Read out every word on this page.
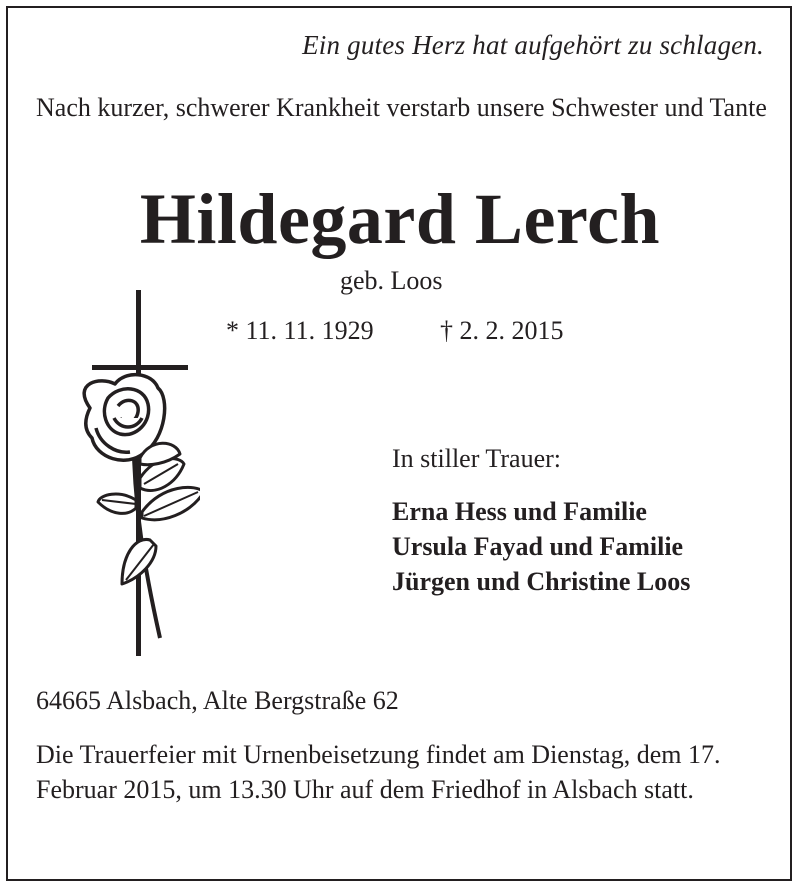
Ein gutes Herz hat aufgehört zu schlagen.
Nach kurzer, schwerer Krankheit verstarb unsere Schwester und Tante
Hildegard Lerch
geb. Loos
* 11. 11. 1929	† 2. 2. 2015
In stiller Trauer:
Erna Hess und Familie
Ursula Fayad und Familie
Jürgen und Christine Loos
64665 Alsbach, Alte Bergstraße 62
Die Trauerfeier mit Urnenbeisetzung findet am Dienstag, dem 17. Februar 2015, um 13.30 Uhr auf dem Friedhof in Alsbach statt.
